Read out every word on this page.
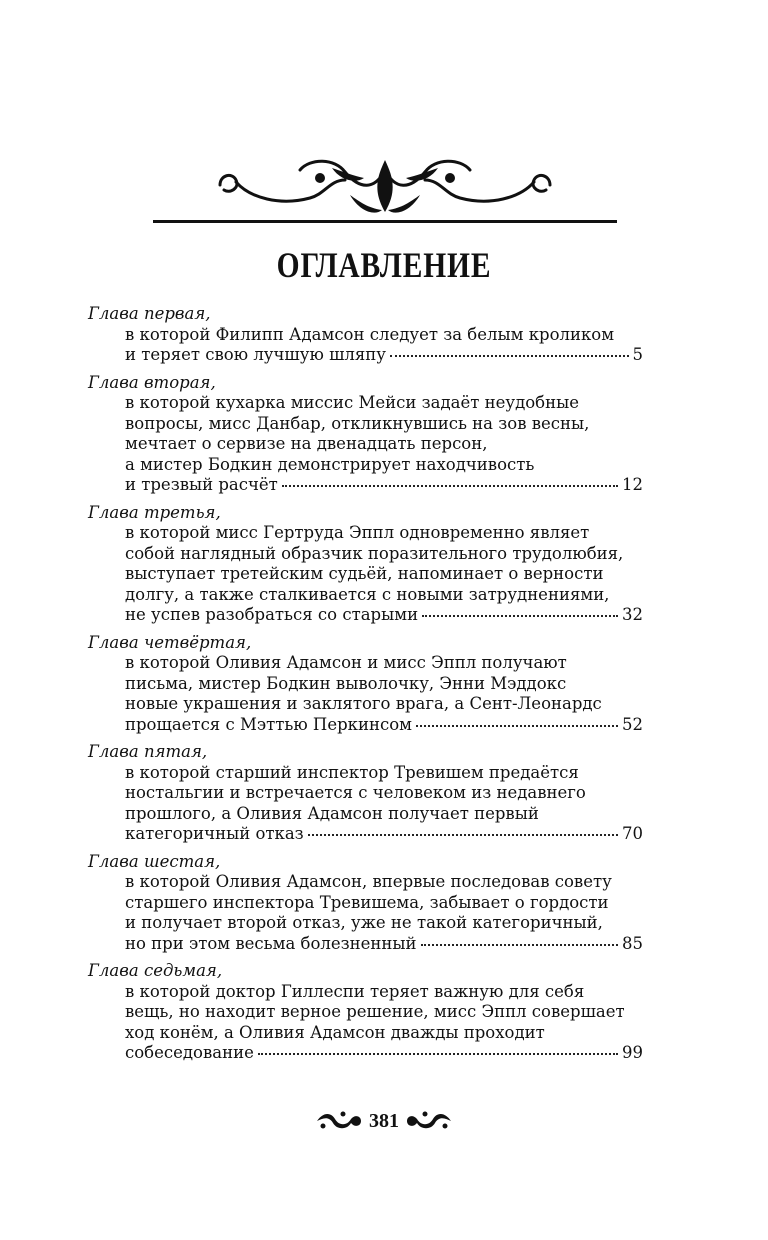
ОГЛАВЛЕНИЕ
Глава первая,
в которой Филипп Адамсон следует за белым кроликом
и теряет свою лучшую шляпу	5
Глава вторая,
в которой кухарка миссис Мейси задаёт неудобные
вопросы, мисс Данбар, откликнувшись на зов весны,
мечтает о сервизе на двенадцать персон,
а мистер Бодкин демонстрирует находчивость
и трезвый расчёт	12
Глава третья,
в которой мисс Гертруда Эппл одновременно являет
собой наглядный образчик поразительного трудолюбия,
выступает третейским судьёй, напоминает о верности
долгу, а также сталкивается с новыми затруднениями,
не успев разобраться со старыми	32
Глава четвёртая,
в которой Оливия Адамсон и мисс Эппл получают
письма, мистер Бодкин выволочку, Энни Мэддокс
новые украшения и заклятого врага, а Сент-Леонардс
прощается с Мэттью Перкинсом	52
Глава пятая,
в которой старший инспектор Тревишем предаётся
ностальгии и встречается с человеком из недавнего
прошлого, а Оливия Адамсон получает первый
категоричный отказ	70
Глава шестая,
в которой Оливия Адамсон, впервые последовав совету
старшего инспектора Тревишема, забывает о гордости
и получает второй отказ, уже не такой категоричный,
но при этом весьма болезненный	85
Глава седьмая,
в которой доктор Гиллеспи теряет важную для себя
вещь, но находит верное решение, мисс Эппл совершает
ход конём, а Оливия Адамсон дважды проходит
собеседование	99
381
